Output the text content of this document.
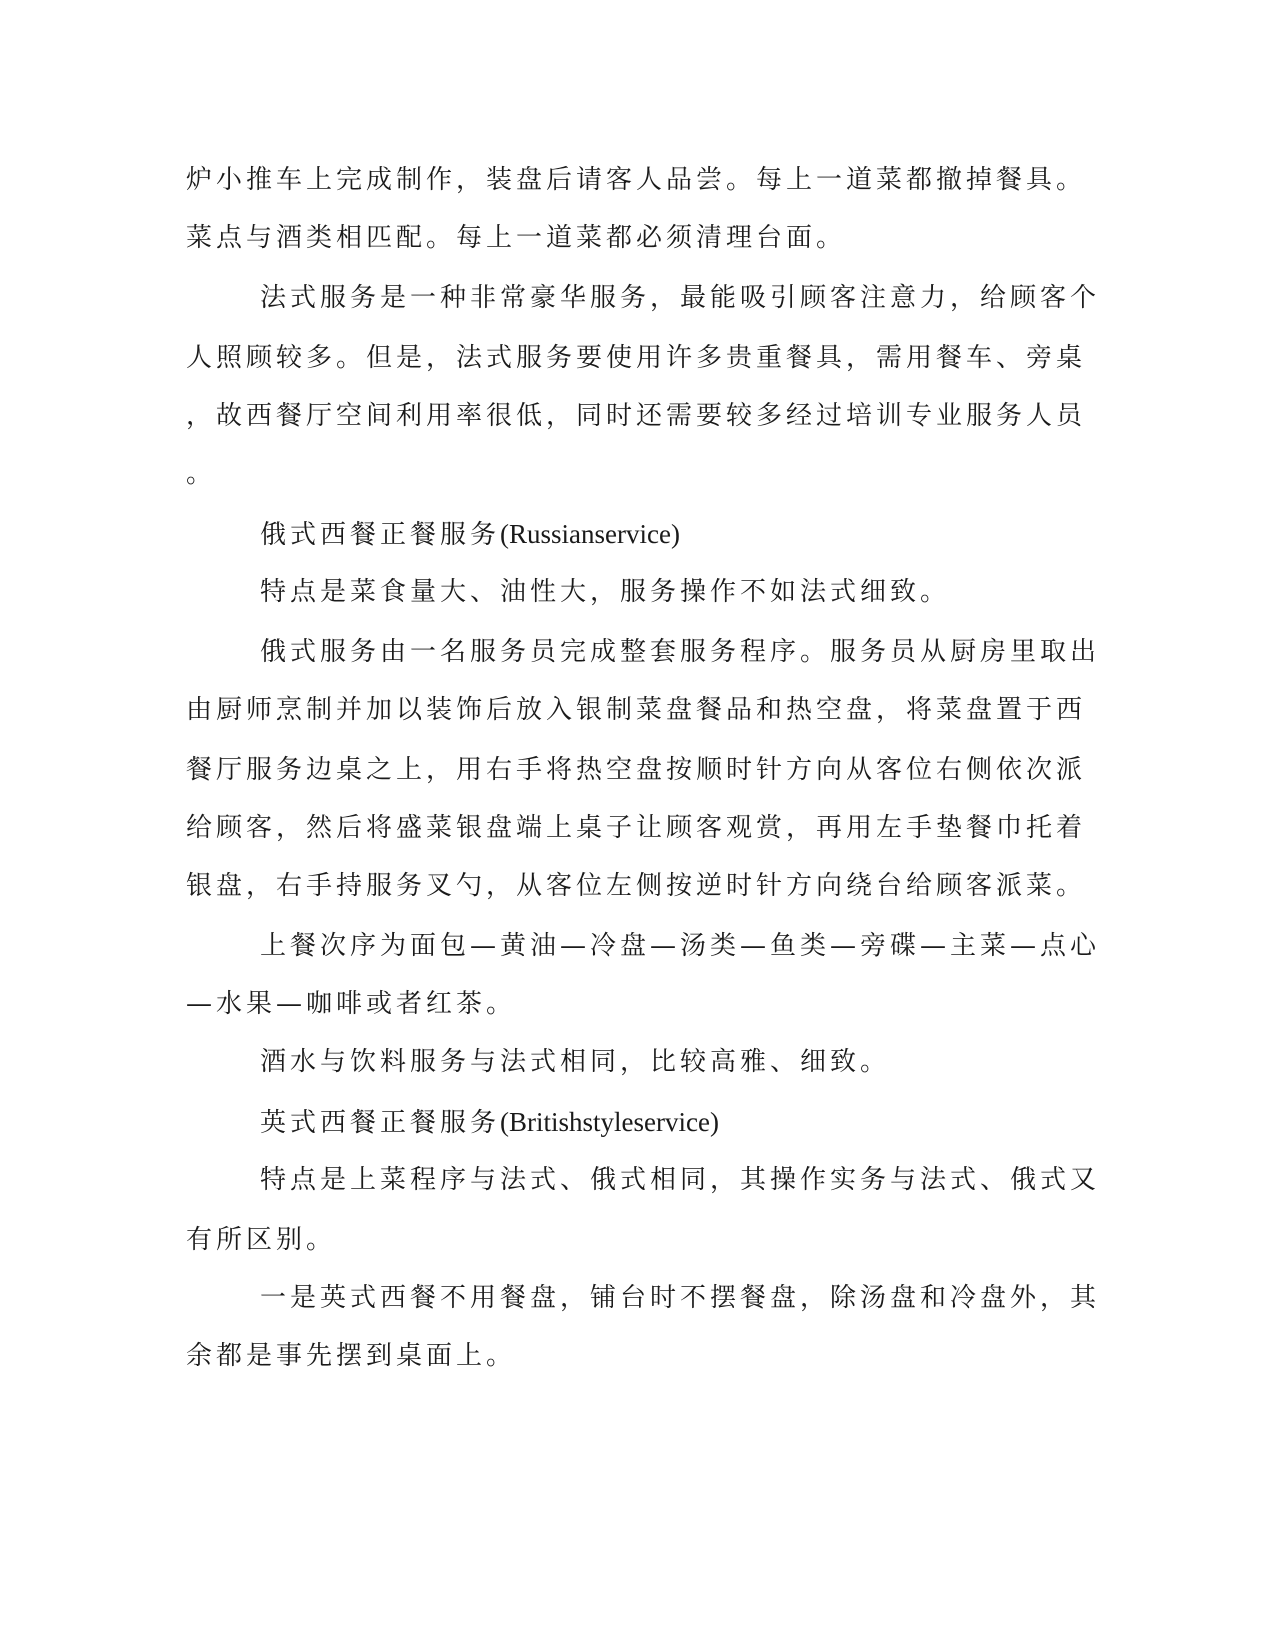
炉小推车上完成制作，装盘后请客人品尝。每上一道菜都撤掉餐具。
菜点与酒类相匹配。每上一道菜都必须清理台面。
法式服务是一种非常豪华服务，最能吸引顾客注意力，给顾客个
人照顾较多。但是，法式服务要使用许多贵重餐具，需用餐车、旁桌
，故西餐厅空间利用率很低，同时还需要较多经过培训专业服务人员
。
俄式西餐正餐服务(Russianservice)
特点是菜食量大、油性大，服务操作不如法式细致。
俄式服务由一名服务员完成整套服务程序。服务员从厨房里取出
由厨师烹制并加以装饰后放入银制菜盘餐品和热空盘，将菜盘置于西
餐厅服务边桌之上，用右手将热空盘按顺时针方向从客位右侧依次派
给顾客，然后将盛菜银盘端上桌子让顾客观赏，再用左手垫餐巾托着
银盘，右手持服务叉勺，从客位左侧按逆时针方向绕台给顾客派菜。
上餐次序为面包—黄油—冷盘—汤类—鱼类—旁碟—主菜—点心
—水果—咖啡或者红茶。
酒水与饮料服务与法式相同，比较高雅、细致。
英式西餐正餐服务(Britishstyleservice)
特点是上菜程序与法式、俄式相同，其操作实务与法式、俄式又
有所区别。
一是英式西餐不用餐盘，铺台时不摆餐盘，除汤盘和冷盘外，其
余都是事先摆到桌面上。
